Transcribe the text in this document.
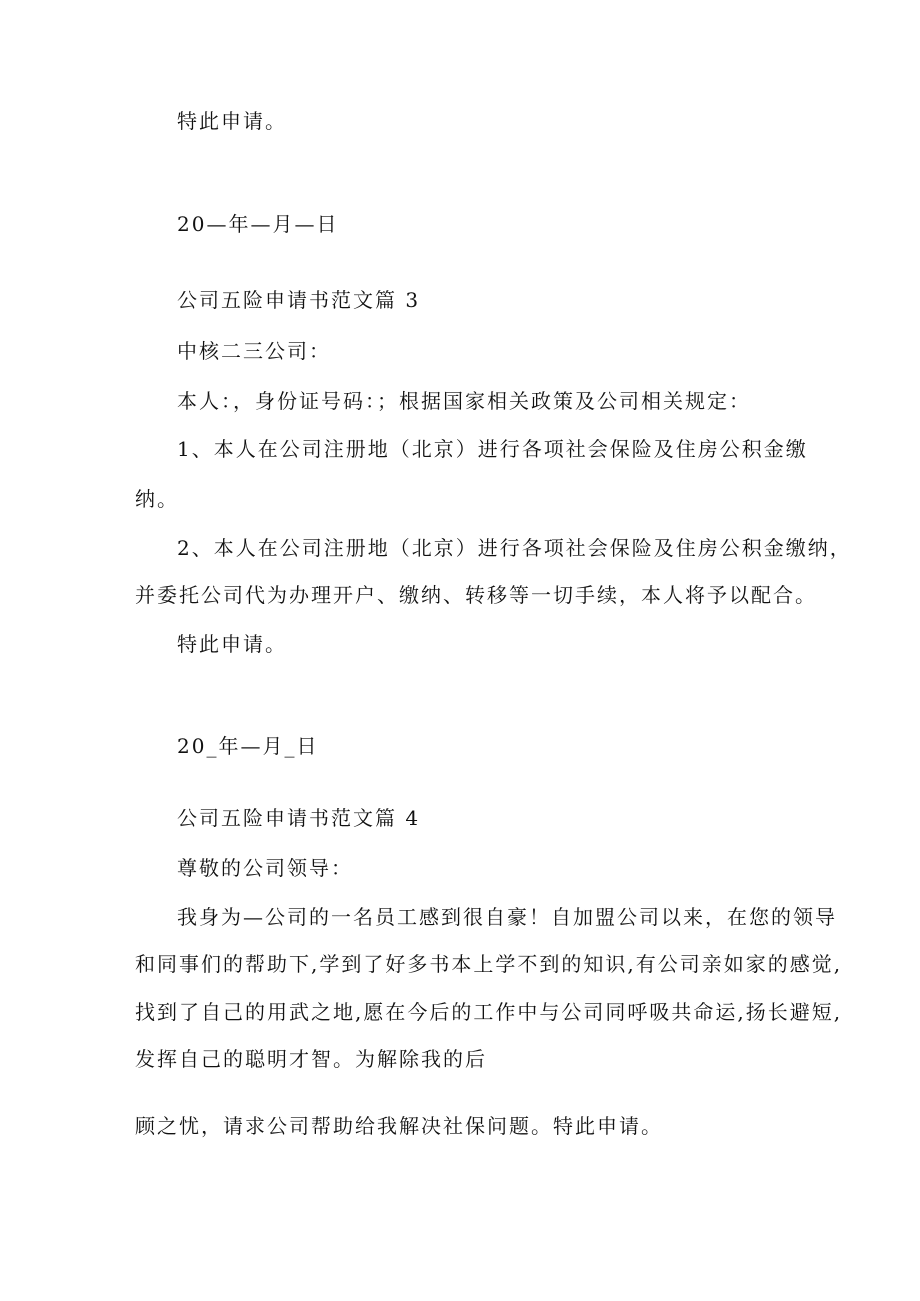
特此申请。
20—年—月—日
公司五险申请书范文篇 3
中核二三公司：
本人：，身份证号码：；根据国家相关政策及公司相关规定：
1、本人在公司注册地（北京）进行各项社会保险及住房公积金缴
纳。
2、本人在公司注册地（北京）进行各项社会保险及住房公积金缴纳，
并委托公司代为办理开户、缴纳、转移等一切手续，本人将予以配合。
特此申请。
20_年—月_日
公司五险申请书范文篇 4
尊敬的公司领导：
我身为—公司的一名员工感到很自豪！自加盟公司以来，在您的领导
和同事们的帮助下,学到了好多书本上学不到的知识,有公司亲如家的感觉,
找到了自己的用武之地,愿在今后的工作中与公司同呼吸共命运,扬长避短,
发挥自己的聪明才智。为解除我的后
顾之忧，请求公司帮助给我解决社保问题。特此申请。
